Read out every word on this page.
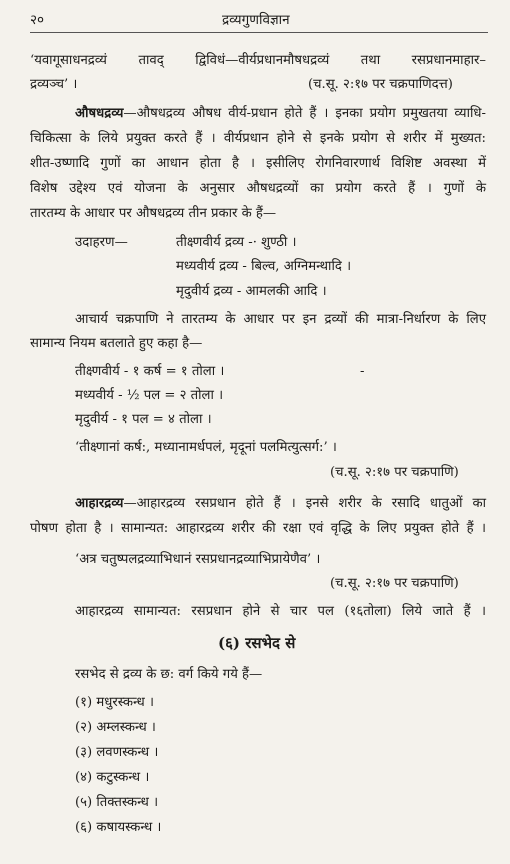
२०	द्रव्यगुणविज्ञान
‘यवागूसाधनद्रव्यं तावद् द्विविधं—वीर्यप्रधानमौषधद्रव्यं तथा रसप्रधानमाहार–
द्रव्यञ्च’ ।	(च.सू. २:१७ पर चक्रपाणिदत्त)
औषधद्रव्य—औषधद्रव्य औषध वीर्य-प्रधान होते हैं । इनका प्रयोग प्रमुखतया व्याधि-
चिकित्सा के लिये प्रयुक्त करते हैं । वीर्यप्रधान होने से इनके प्रयोग से शरीर में मुख्यत:
शीत-उष्णादि गुणों का आधान होता है । इसीलिए रोगनिवारणार्थ विशिष्ट अवस्था में
विशेष उद्देश्य एवं योजना के अनुसार औषधद्रव्यों का प्रयोग करते हैं । गुणों के
तारतम्य के आधार पर औषधद्रव्य तीन प्रकार के हैं—
उदाहरण—	तीक्ष्णवीर्य द्रव्य -· शुण्ठी ।
मध्यवीर्य द्रव्य - बिल्व, अग्निमन्थादि ।
मृदुवीर्य द्रव्य - आमलकी आदि ।
आचार्य चक्रपाणि ने तारतम्य के आधार पर इन द्रव्यों की मात्रा-निर्धारण के लिए
सामान्य नियम बतलाते हुए कहा है—
तीक्ष्णवीर्य - १ कर्ष = १ तोला ।	-
मध्यवीर्य - ½ पल = २ तोला ।
मृदुवीर्य - १ पल = ४ तोला ।
‘तीक्ष्णानां कर्ष:, मध्यानामर्धपलं, मृदूनां पलमित्युत्सर्ग:’ ।
(च.सू. २:१७ पर चक्रपाणि)
आहारद्रव्य—आहारद्रव्य रसप्रधान होते हैं । इनसे शरीर के रसादि धातुओं का
पोषण होता है । सामान्यत: आहारद्रव्य शरीर की रक्षा एवं वृद्धि के लिए प्रयुक्त होते हैं ।
‘अत्र चतुष्पलद्रव्याभिधानं रसप्रधानद्रव्याभिप्रायेणैव’ ।
(च.सू. २:१७ पर चक्रपाणि)
आहारद्रव्य सामान्यत: रसप्रधान होने से चार पल (१६तोला) लिये जाते हैं ।
(६) रसभेद से
रसभेद से द्रव्य के छ: वर्ग किये गये हैं—
(१) मधुरस्कन्ध ।
(२) अम्लस्कन्ध ।
(३) लवणस्कन्ध ।
(४) कटुस्कन्ध ।
(५) तिक्तस्कन्ध ।
(६) कषायस्कन्ध ।
